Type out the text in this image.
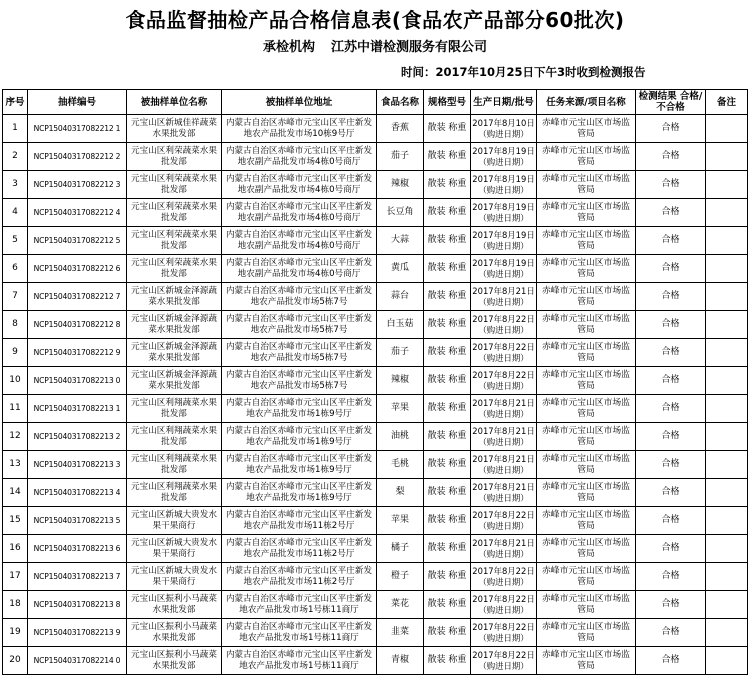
食品监督抽检产品合格信息表(食品农产品部分60批次)
承检机构 江苏中谱检测服务有限公司
时间：2017年10月25日下午3时收到检测报告
序号	抽样编号	被抽样单位名称	被抽样单位地址	食品名称	规格型号	生产日期/批号	任务来源/项目名称	检测结果 合格/不合格	备注
1	NCP15040317082212 1	元宝山区新城佳祥蔬菜水果批发部	内蒙古自治区赤峰市元宝山区平庄新发地农产品批发市场10栋9号厅	香蕉	散装 称重	2017年8月10日（购进日期）	赤峰市元宝山区市场监管局	合格	
2	NCP15040317082212 2	元宝山区利荣蔬菜水果批发部	内蒙古自治区赤峰市元宝山区平庄新发地农副产品批发市场4栋0号商厅	茄子	散装 称重	2017年8月19日（购进日期）	赤峰市元宝山区市场监管局	合格	
3	NCP15040317082212 3	元宝山区利荣蔬菜水果批发部	内蒙古自治区赤峰市元宝山区平庄新发地农副产品批发市场4栋0号商厅	辣椒	散装 称重	2017年8月19日（购进日期）	赤峰市元宝山区市场监管局	合格	
4	NCP15040317082212 4	元宝山区利荣蔬菜水果批发部	内蒙古自治区赤峰市元宝山区平庄新发地农副产品批发市场4栋0号商厅	长豆角	散装 称重	2017年8月19日（购进日期）	赤峰市元宝山区市场监管局	合格	
5	NCP15040317082212 5	元宝山区利荣蔬菜水果批发部	内蒙古自治区赤峰市元宝山区平庄新发地农副产品批发市场4栋0号商厅	大蒜	散装 称重	2017年8月19日（购进日期）	赤峰市元宝山区市场监管局	合格	
6	NCP15040317082212 6	元宝山区利荣蔬菜水果批发部	内蒙古自治区赤峰市元宝山区平庄新发地农副产品批发市场4栋0号商厅	黄瓜	散装 称重	2017年8月19日（购进日期）	赤峰市元宝山区市场监管局	合格	
7	NCP15040317082212 7	元宝山区新城金泽源蔬菜水果批发部	内蒙古自治区赤峰市元宝山区平庄新发地农产品批发市场5栋7号	蒜台	散装 称重	2017年8月21日（购进日期）	赤峰市元宝山区市场监管局	合格	
8	NCP15040317082212 8	元宝山区新城金泽源蔬菜水果批发部	内蒙古自治区赤峰市元宝山区平庄新发地农产品批发市场5栋7号	白玉菇	散装 称重	2017年8月22日（购进日期）	赤峰市元宝山区市场监管局	合格	
9	NCP15040317082212 9	元宝山区新城金泽源蔬菜水果批发部	内蒙古自治区赤峰市元宝山区平庄新发地农产品批发市场5栋7号	茄子	散装 称重	2017年8月22日（购进日期）	赤峰市元宝山区市场监管局	合格	
10	NCP15040317082213 0	元宝山区新城金泽源蔬菜水果批发部	内蒙古自治区赤峰市元宝山区平庄新发地农产品批发市场5栋7号	辣椒	散装 称重	2017年8月22日（购进日期）	赤峰市元宝山区市场监管局	合格	
11	NCP15040317082213 1	元宝山区利翔蔬菜水果批发部	内蒙古自治区赤峰市元宝山区平庄新发地农产品批发市场1栋9号厅	苹果	散装 称重	2017年8月21日（购进日期）	赤峰市元宝山区市场监管局	合格	
12	NCP15040317082213 2	元宝山区利翔蔬菜水果批发部	内蒙古自治区赤峰市元宝山区平庄新发地农产品批发市场1栋9号厅	油桃	散装 称重	2017年8月21日（购进日期）	赤峰市元宝山区市场监管局	合格	
13	NCP15040317082213 3	元宝山区利翔蔬菜水果批发部	内蒙古自治区赤峰市元宝山区平庄新发地农产品批发市场1栋9号厅	毛桃	散装 称重	2017年8月21日（购进日期）	赤峰市元宝山区市场监管局	合格	
14	NCP15040317082213 4	元宝山区利翔蔬菜水果批发部	内蒙古自治区赤峰市元宝山区平庄新发地农产品批发市场1栋9号厅	梨	散装 称重	2017年8月21日（购进日期）	赤峰市元宝山区市场监管局	合格	
15	NCP15040317082213 5	元宝山区新城大贵发水果干果商行	内蒙古自治区赤峰市元宝山区平庄新发地农产品批发市场11栋2号厅	苹果	散装 称重	2017年8月22日（购进日期）	赤峰市元宝山区市场监管局	合格	
16	NCP15040317082213 6	元宝山区新城大贵发水果干果商行	内蒙古自治区赤峰市元宝山区平庄新发地农产品批发市场11栋2号厅	橘子	散装 称重	2017年8月21日（购进日期）	赤峰市元宝山区市场监管局	合格	
17	NCP15040317082213 7	元宝山区新城大贵发水果干果商行	内蒙古自治区赤峰市元宝山区平庄新发地农产品批发市场11栋2号厅	橙子	散装 称重	2017年8月22日（购进日期）	赤峰市元宝山区市场监管局	合格	
18	NCP15040317082213 8	元宝山区振利小马蔬菜水果批发部	内蒙古自治区赤峰市元宝山区平庄新发地农产品批发市场1号栋11商厅	菜花	散装 称重	2017年8月22日（购进日期）	赤峰市元宝山区市场监管局	合格	
19	NCP15040317082213 9	元宝山区振利小马蔬菜水果批发部	内蒙古自治区赤峰市元宝山区平庄新发地农产品批发市场1号栋11商厅	韭菜	散装 称重	2017年8月22日（购进日期）	赤峰市元宝山区市场监管局	合格	
20	NCP15040317082214 0	元宝山区振利小马蔬菜水果批发部	内蒙古自治区赤峰市元宝山区平庄新发地农产品批发市场1号栋11商厅	青椒	散装 称重	2017年8月22日（购进日期）	赤峰市元宝山区市场监管局	合格	
